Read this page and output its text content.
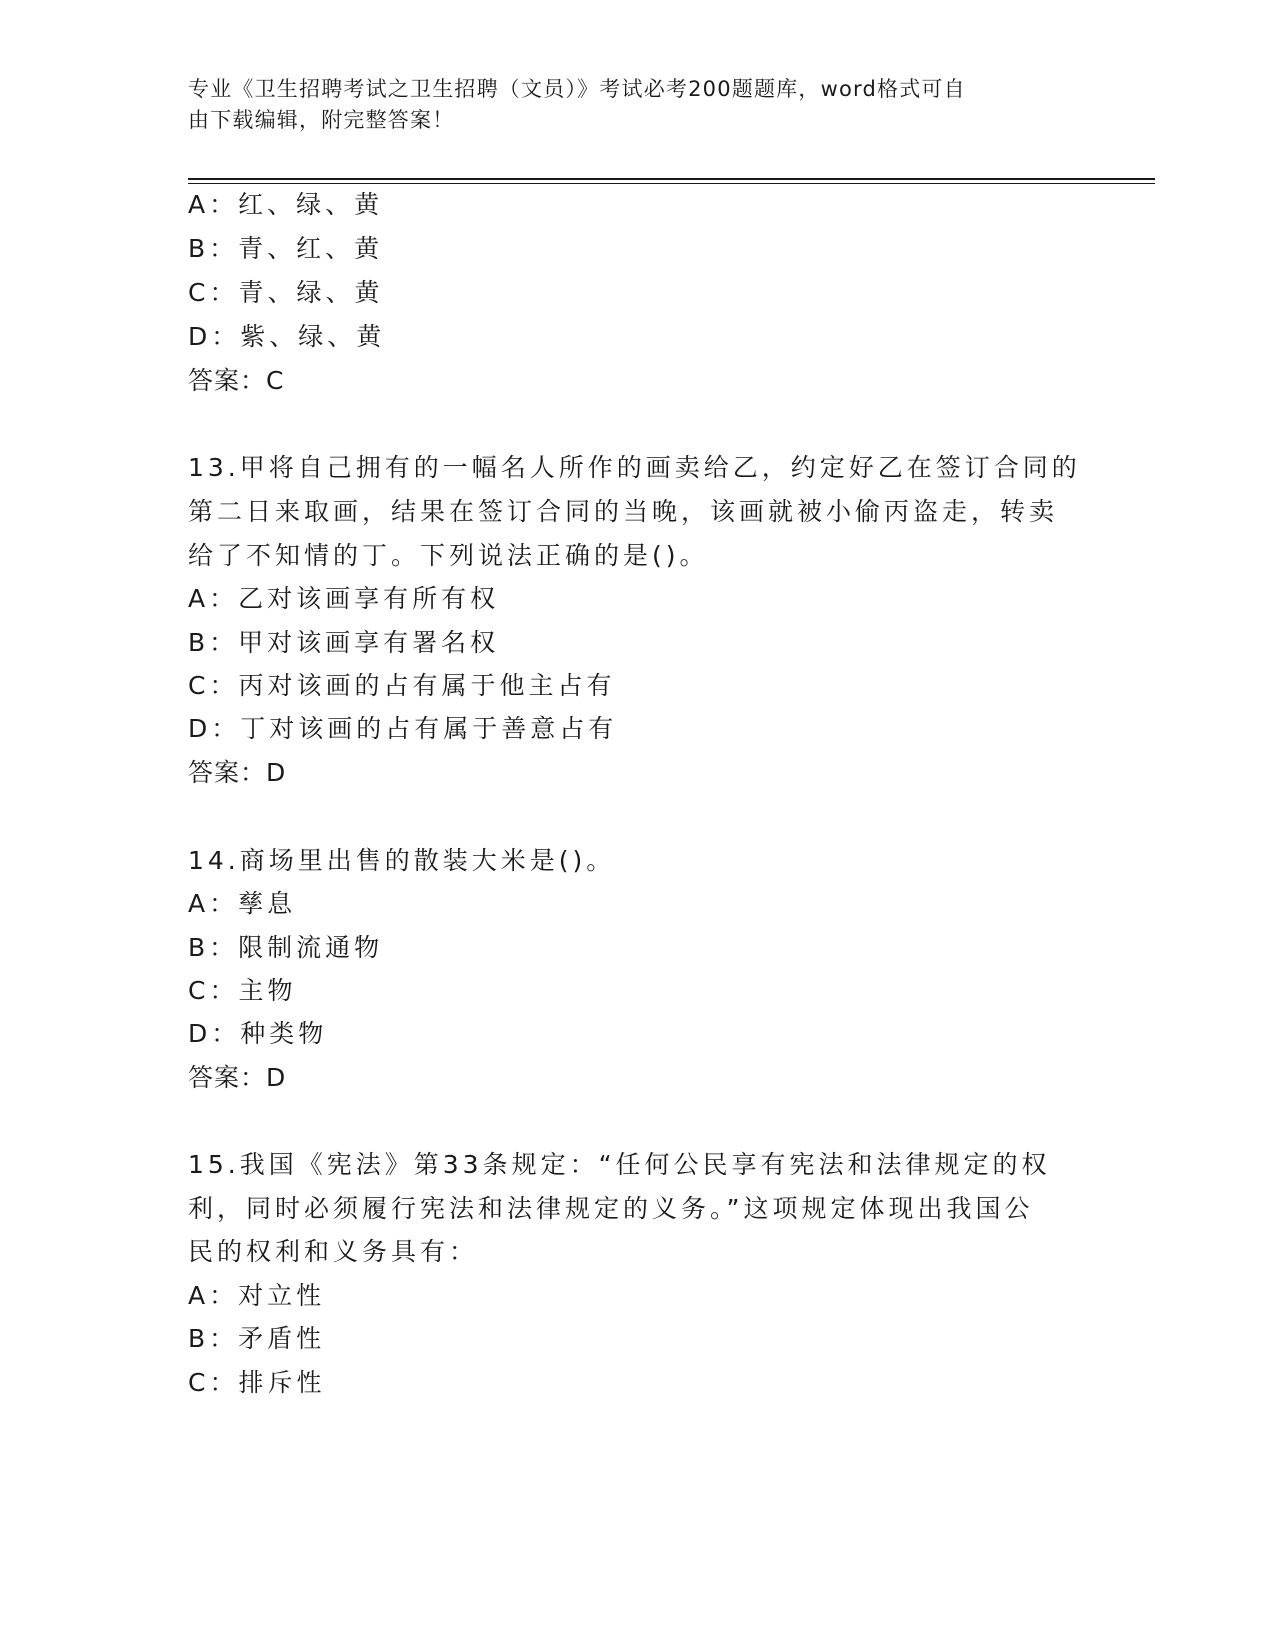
专业《卫生招聘考试之卫生招聘（文员）》考试必考200题题库，word格式可自
由下载编辑，附完整答案！
A：红、绿、黄
B：青、红、黄
C：青、绿、黄
D：紫、绿、黄
答案：C
13.甲将自己拥有的一幅名人所作的画卖给乙，约定好乙在签订合同的
第二日来取画，结果在签订合同的当晚，该画就被小偷丙盗走，转卖
给了不知情的丁。下列说法正确的是()。
A：乙对该画享有所有权
B：甲对该画享有署名权
C：丙对该画的占有属于他主占有
D：丁对该画的占有属于善意占有
答案：D
14.商场里出售的散装大米是()。
A：孳息
B：限制流通物
C：主物
D：种类物
答案：D
15.我国《宪法》第33条规定：“任何公民享有宪法和法律规定的权
利，同时必须履行宪法和法律规定的义务。”这项规定体现出我国公
民的权利和义务具有：
A：对立性
B：矛盾性
C：排斥性
